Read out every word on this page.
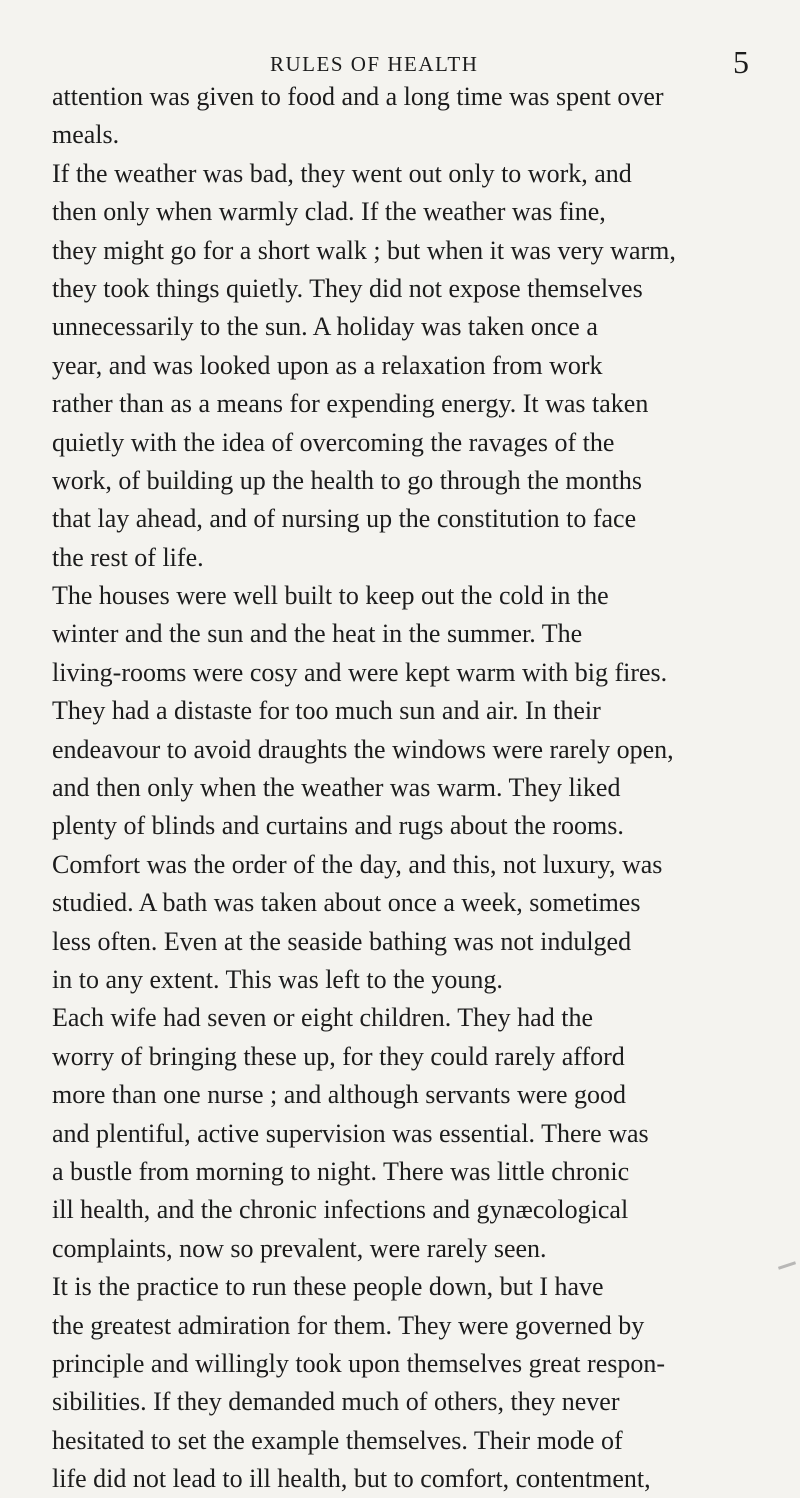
RULES OF HEALTH	5
attention was given to food and a long time was spent over
meals.
If the weather was bad, they went out only to work, and
then only when warmly clad. If the weather was fine,
they might go for a short walk ; but when it was very warm,
they took things quietly. They did not expose themselves
unnecessarily to the sun. A holiday was taken once a
year, and was looked upon as a relaxation from work
rather than as a means for expending energy. It was taken
quietly with the idea of overcoming the ravages of the
work, of building up the health to go through the months
that lay ahead, and of nursing up the constitution to face
the rest of life.
The houses were well built to keep out the cold in the
winter and the sun and the heat in the summer. The
living-rooms were cosy and were kept warm with big fires.
They had a distaste for too much sun and air. In their
endeavour to avoid draughts the windows were rarely open,
and then only when the weather was warm. They liked
plenty of blinds and curtains and rugs about the rooms.
Comfort was the order of the day, and this, not luxury, was
studied. A bath was taken about once a week, sometimes
less often. Even at the seaside bathing was not indulged
in to any extent. This was left to the young.
Each wife had seven or eight children. They had the
worry of bringing these up, for they could rarely afford
more than one nurse ; and although servants were good
and plentiful, active supervision was essential. There was
a bustle from morning to night. There was little chronic
ill health, and the chronic infections and gynæcological
complaints, now so prevalent, were rarely seen.
It is the practice to run these people down, but I have
the greatest admiration for them. They were governed by
principle and willingly took upon themselves great respon-
sibilities. If they demanded much of others, they never
hesitated to set the example themselves. Their mode of
life did not lead to ill health, but to comfort, contentment,
